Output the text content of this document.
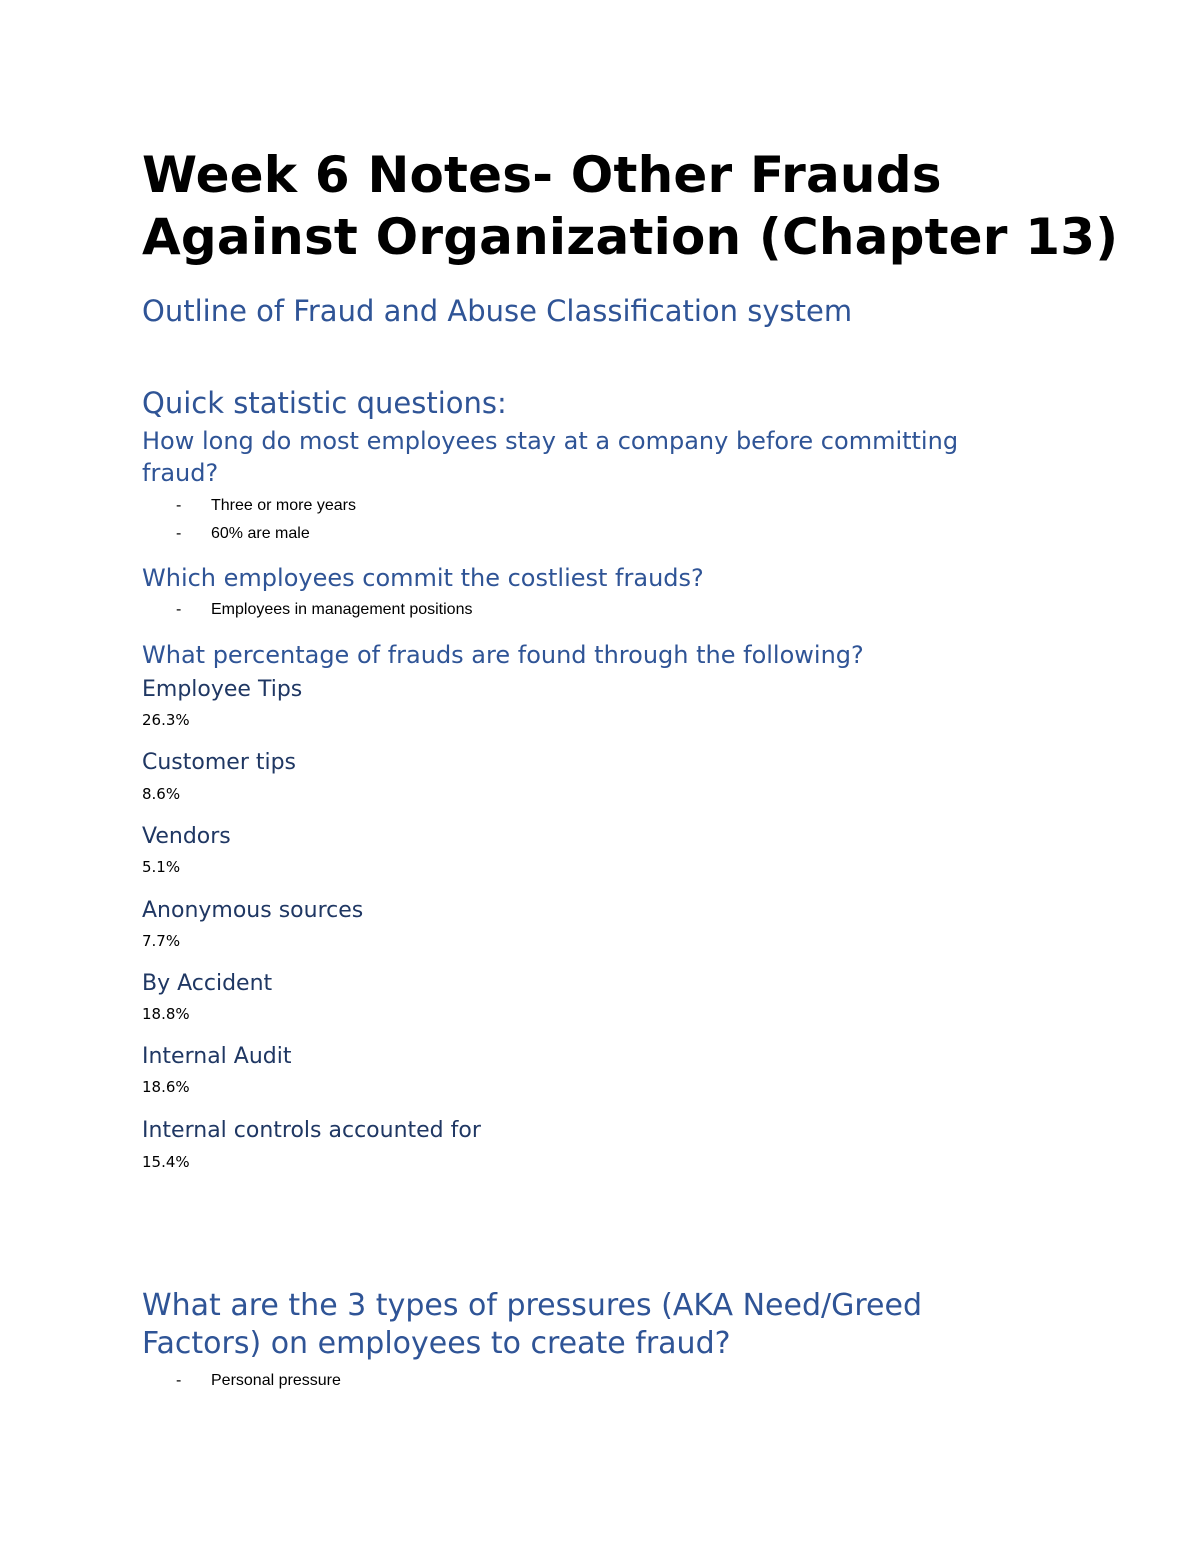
Week 6 Notes- Other Frauds
Against Organization (Chapter 13)
Outline of Fraud and Abuse Classification system
Quick statistic questions:
How long do most employees stay at a company before committing
fraud?
- Three or more years
- 60% are male
Which employees commit the costliest frauds?
- Employees in management positions
What percentage of frauds are found through the following?
Employee Tips
26.3%
Customer tips
8.6%
Vendors
5.1%
Anonymous sources
7.7%
By Accident
18.8%
Internal Audit
18.6%
Internal controls accounted for
15.4%
What are the 3 types of pressures (AKA Need/Greed
Factors) on employees to create fraud?
- Personal pressure
